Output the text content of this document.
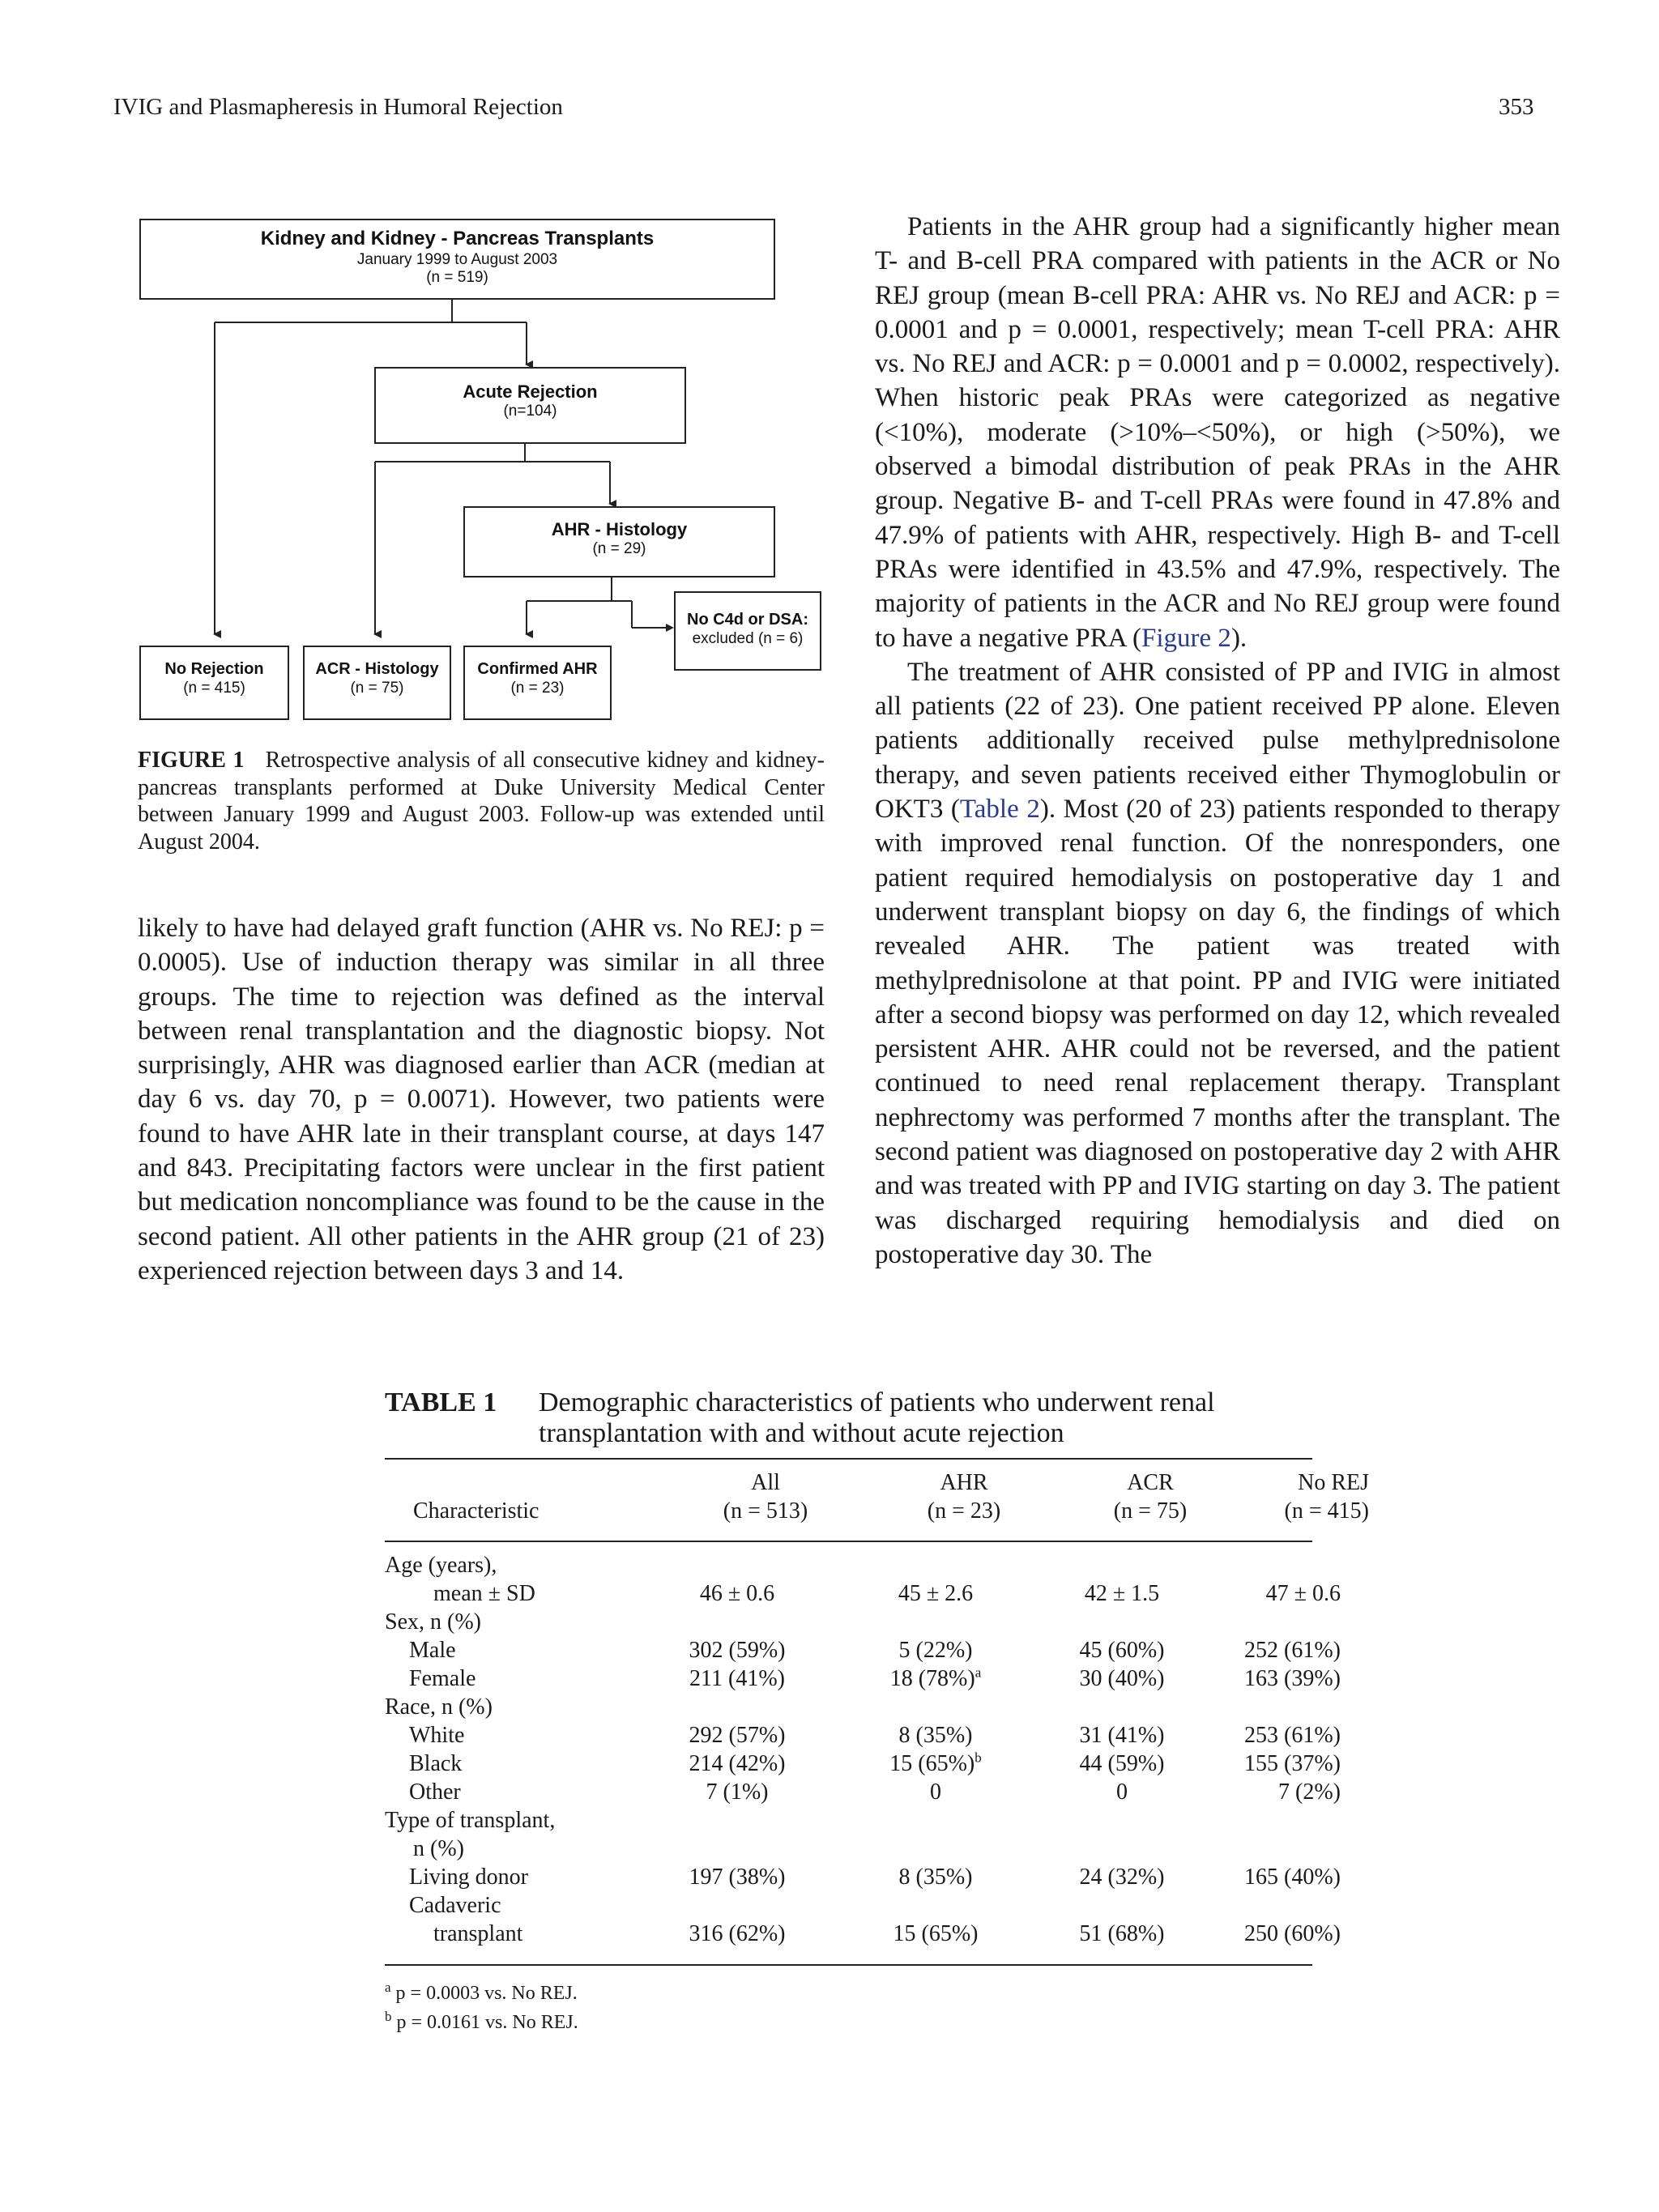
IVIG and Plasmapheresis in Humoral Rejection	353
Kidney and Kidney - Pancreas Transplants
January 1999 to August 2003
(n = 519)
Acute Rejection
(n=104)
AHR - Histology
(n = 29)
No C4d or DSA:
excluded (n = 6)
No Rejection
(n = 415)
ACR - Histology
(n = 75)
Confirmed AHR
(n = 23)
FIGURE 1 Retrospective analysis of all consecutive kidney and kidney-pancreas transplants performed at Duke University Medical Center between January 1999 and August 2003. Follow-up was extended until August 2004.

likely to have had delayed graft function (AHR vs. No REJ: p = 0.0005). Use of induction therapy was similar in all three groups. The time to rejection was defined as the interval between renal transplantation and the diagnostic biopsy. Not surprisingly, AHR was diagnosed earlier than ACR (median at day 6 vs. day 70, p = 0.0071). However, two patients were found to have AHR late in their transplant course, at days 147 and 843. Precipitating factors were unclear in the first patient but medication noncompliance was found to be the cause in the second patient. All other patients in the AHR group (21 of 23) experienced rejection between days 3 and 14.

Patients in the AHR group had a significantly higher mean T- and B-cell PRA compared with patients in the ACR or No REJ group (mean B-cell PRA: AHR vs. No REJ and ACR: p = 0.0001 and p = 0.0001, respectively; mean T-cell PRA: AHR vs. No REJ and ACR: p = 0.0001 and p = 0.0002, respectively). When historic peak PRAs were categorized as negative (<10%), moderate (>10%–<50%), or high (>50%), we observed a bimodal distribution of peak PRAs in the AHR group. Negative B- and T-cell PRAs were found in 47.8% and 47.9% of patients with AHR, respectively. High B- and T-cell PRAs were identified in 43.5% and 47.9%, respectively. The majority of patients in the ACR and No REJ group were found to have a negative PRA (Figure 2).

The treatment of AHR consisted of PP and IVIG in almost all patients (22 of 23). One patient received PP alone. Eleven patients additionally received pulse methylprednisolone therapy, and seven patients received either Thymoglobulin or OKT3 (Table 2). Most (20 of 23) patients responded to therapy with improved renal function. Of the nonresponders, one patient required hemodialysis on postoperative day 1 and underwent transplant biopsy on day 6, the findings of which revealed AHR. The patient was treated with methylprednisolone at that point. PP and IVIG were initiated after a second biopsy was performed on day 12, which revealed persistent AHR. AHR could not be reversed, and the patient continued to need renal replacement therapy. Transplant nephrectomy was performed 7 months after the transplant. The second patient was diagnosed on postoperative day 2 with AHR and was treated with PP and IVIG starting on day 3. The patient was discharged requiring hemodialysis and died on postoperative day 30. The

TABLE 1 Demographic characteristics of patients who underwent renal
transplantation with and without acute rejection
	All	AHR	ACR	No REJ
Characteristic	(n = 513)	(n = 23)	(n = 75)	(n = 415)
Age (years),				
mean ± SD	46 ± 0.6	45 ± 2.6	42 ± 1.5	47 ± 0.6
Sex, n (%)				
Male	302 (59%)	5 (22%)	45 (60%)	252 (61%)
Female	211 (41%)	18 $(78\%)^a$	30 (40%)	163 (39%)
Race, n (%)				
White	292 (57%)	8 (35%)	31 (41%)	253 (61%)
Black	214 (42%)	15 $(65\%)^b$	44 (59%)	155 (37%)
Other	7 (1%)	0	0	7 (2%)
Type of transplant,				
n (%)				
Living donor	197 (38%)	8 (35%)	24 (32%)	165 (40%)
Cadaveric				
transplant	316 (62%)	15 (65%)	51 (68%)	250 (60%)
$^a$ p = 0.0003 vs. No REJ.
$^b$ p = 0.0161 vs. No REJ.
